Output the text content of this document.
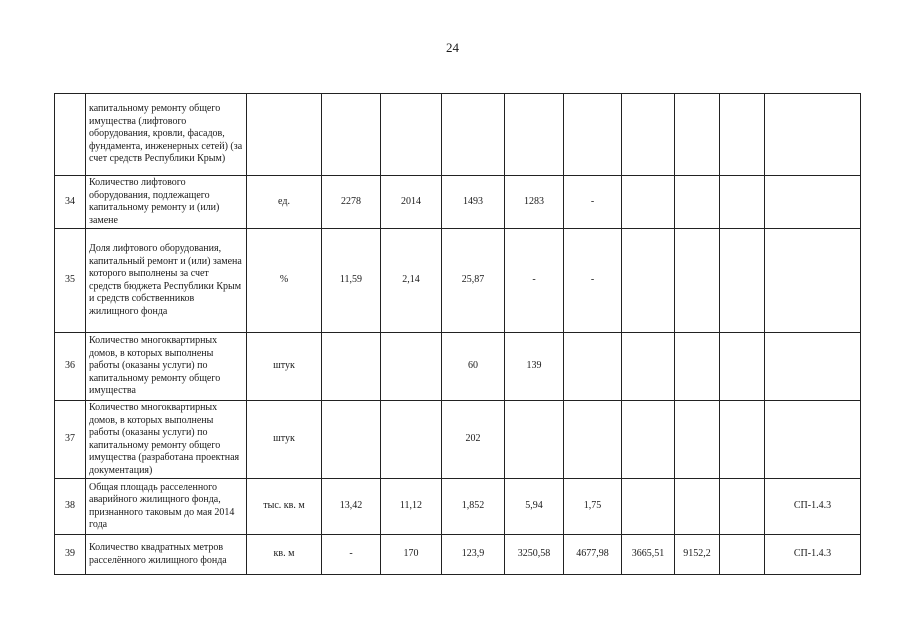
24
	капитальному ремонту общего имущества (лифтового оборудования, кровли, фасадов, фундамента, инженерных сетей) (за счет средств Республики Крым)										
34	Количество лифтового оборудования, подлежащего капитальному ремонту и (или) замене	ед.	2278	2014	1493	1283	-				
35	Доля лифтового оборудования, капитальный ремонт и (или) замена которого выполнены за счет средств бюджета Республики Крым и средств собственников жилищного фонда	%	11,59	2,14	25,87	-	-				
36	Количество многоквартирных домов, в которых выполнены работы (оказаны услуги) по капитальному ремонту общего имущества	штук			60	139					
37	Количество многоквартирных домов, в которых выполнены работы (оказаны услуги) по капитальному ремонту общего имущества (разработана проектная документация)	штук			202						
38	Общая площадь расселенного аварийного жилищного фонда, признанного таковым до мая 2014 года	тыс. кв. м	13,42	11,12	1,852	5,94	1,75				СП-1.4.3
39	Количество квадратных метров расселённого жилищного фонда	кв. м	-	170	123,9	3250,58	4677,98	3665,51	9152,2		СП-1.4.3
